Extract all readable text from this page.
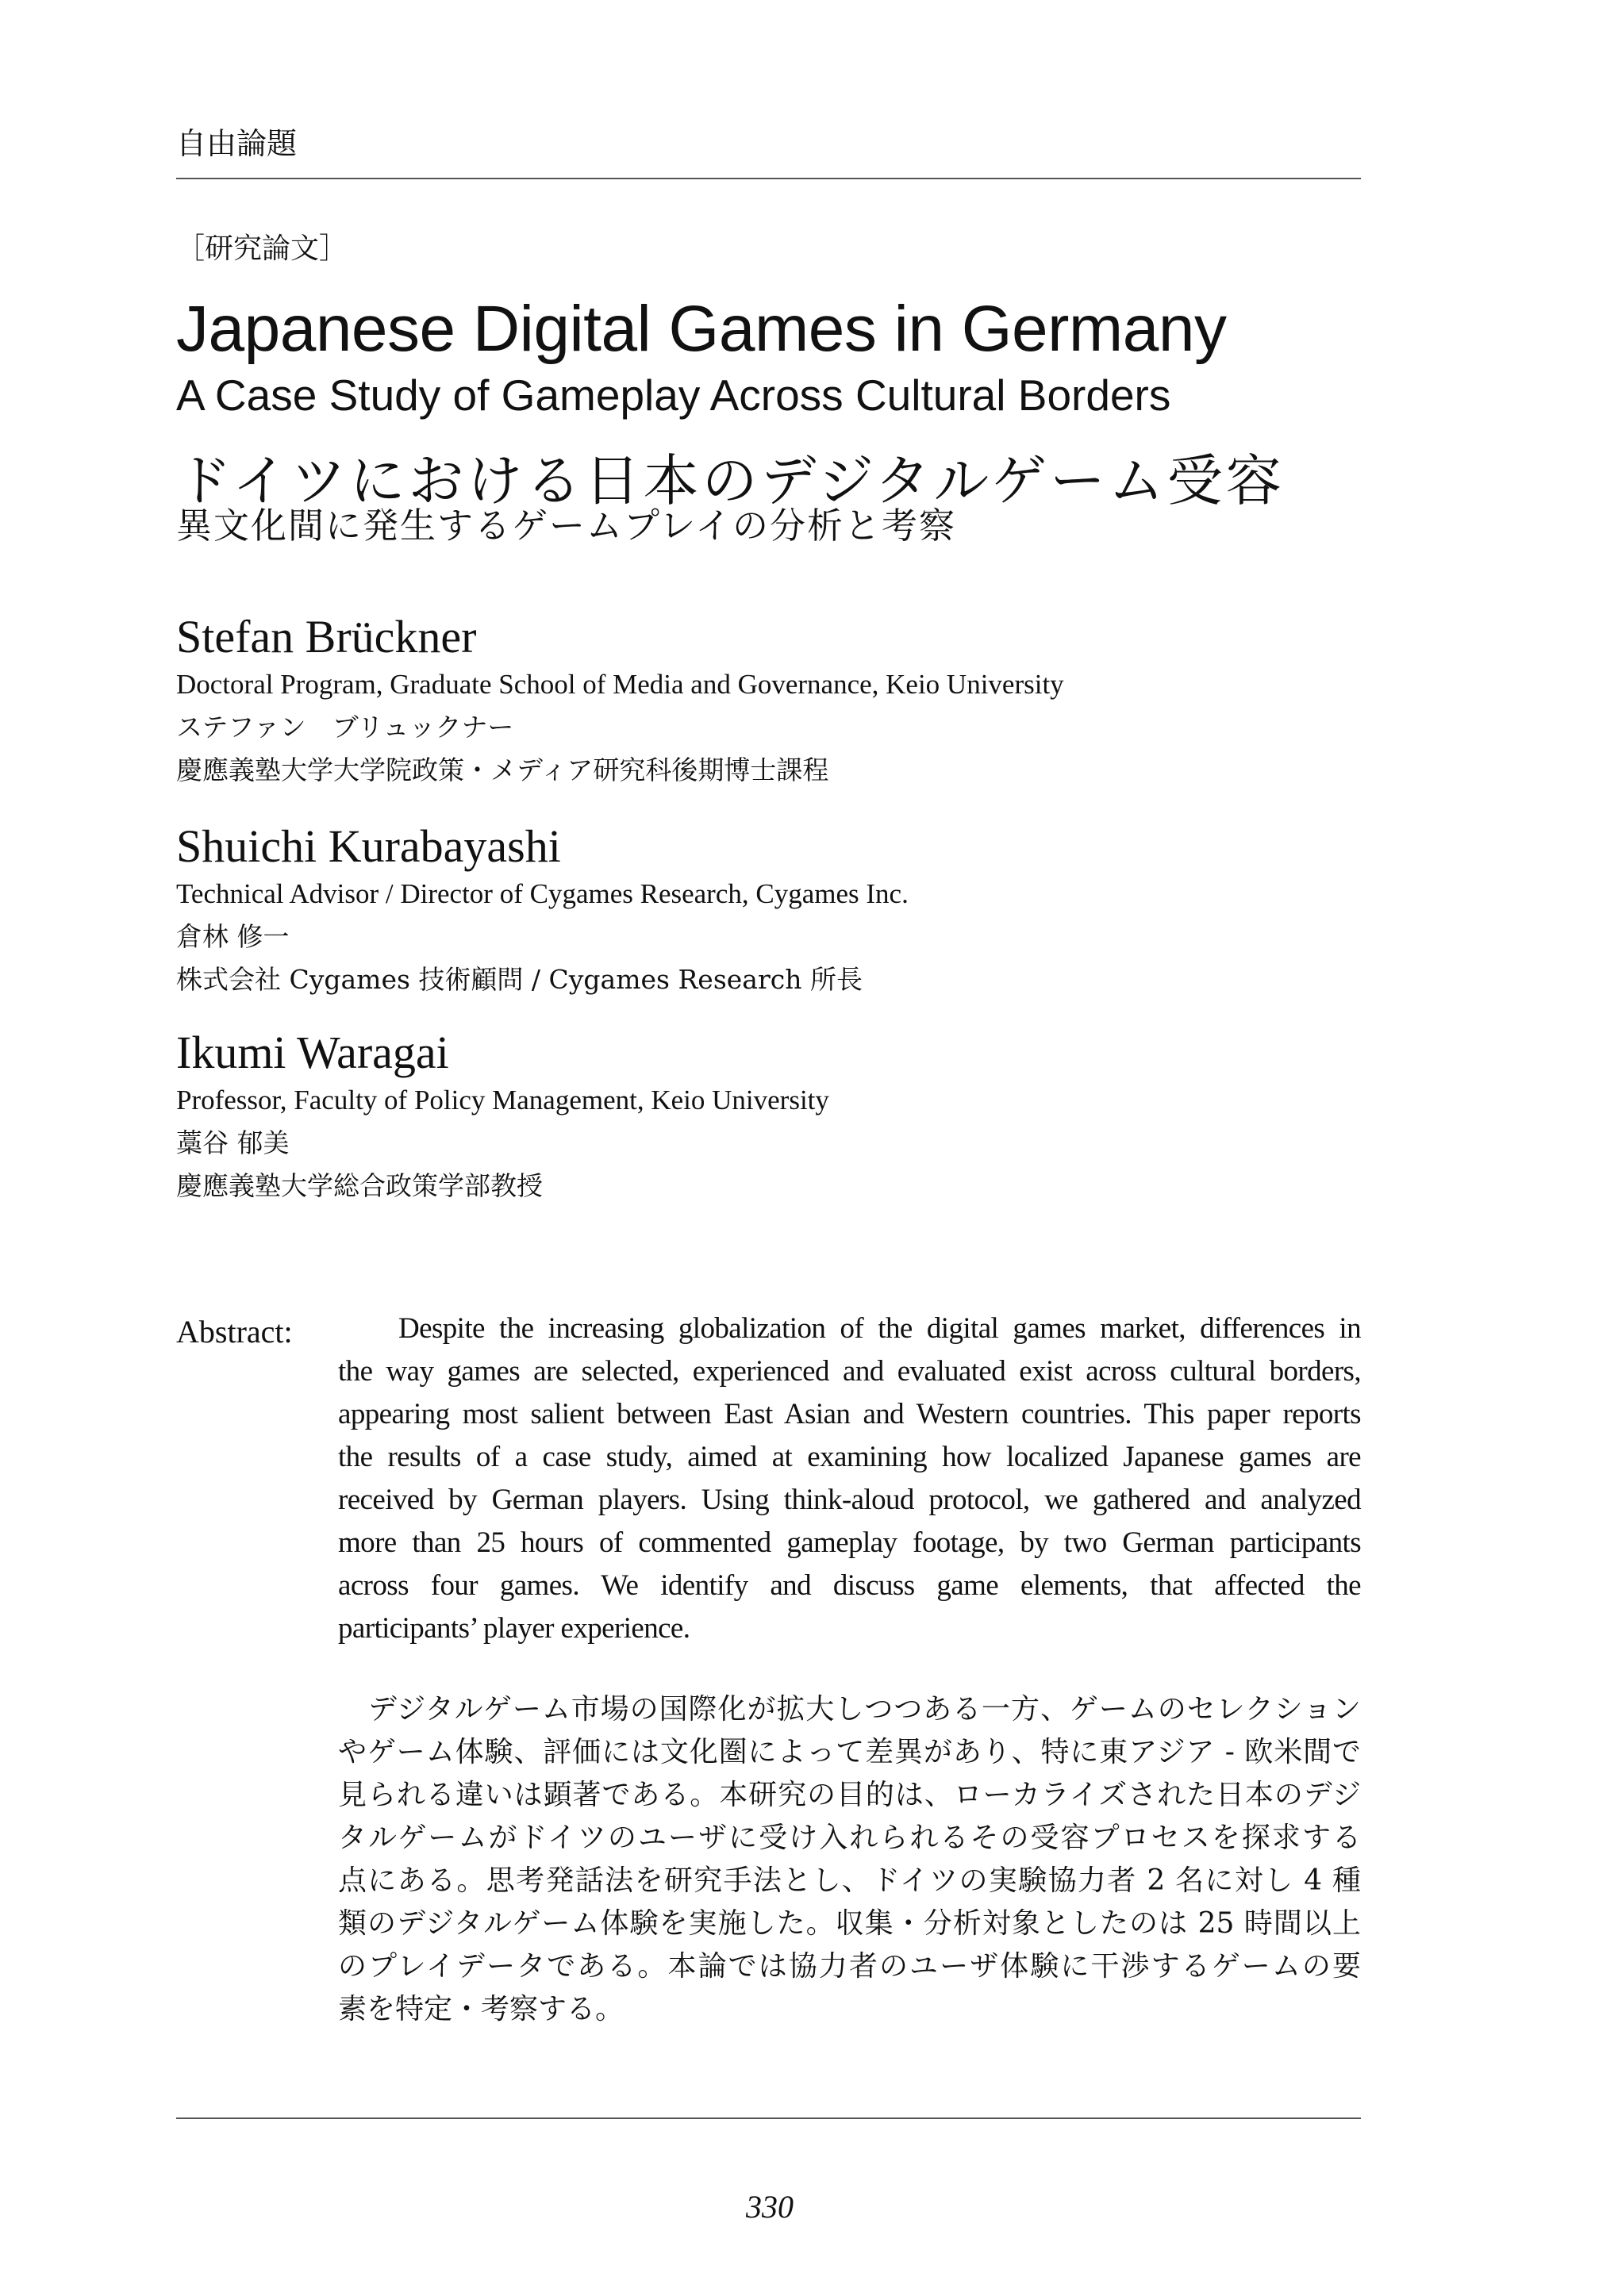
自由論題
［研究論文］
Japanese Digital Games in Germany
A Case Study of Gameplay Across Cultural Borders
ドイツにおける日本のデジタルゲーム受容
異文化間に発生するゲームプレイの分析と考察
Stefan Brückner
Doctoral Program, Graduate School of Media and Governance, Keio University
ステファン　ブリュックナー
慶應義塾大学大学院政策・メディア研究科後期博士課程
Shuichi Kurabayashi
Technical Advisor / Director of Cygames Research, Cygames Inc.
倉林 修一
株式会社 Cygames 技術顧問 / Cygames Research 所長
Ikumi Waragai
Professor, Faculty of Policy Management, Keio University
藁谷 郁美
慶應義塾大学総合政策学部教授
Abstract:	Despite the increasing globalization of the digital games market, differences in
the way games are selected, experienced and evaluated exist across cultural borders,
appearing most salient between East Asian and Western countries. This paper reports
the results of a case study, aimed at examining how localized Japanese games are
received by German players. Using think-aloud protocol, we gathered and analyzed
more than 25 hours of commented gameplay footage, by two German participants
across four games. We identify and discuss game elements, that affected the
participants’ player experience.
デジタルゲーム市場の国際化が拡大しつつある一方、ゲームのセレクション
やゲーム体験、評価には文化圏によって差異があり、特に東アジア - 欧米間で
見られる違いは顕著である。本研究の目的は、ローカライズされた日本のデジ
タルゲームがドイツのユーザに受け入れられるその受容プロセスを探求する
点にある。思考発話法を研究手法とし、ドイツの実験協力者 2 名に対し 4 種
類のデジタルゲーム体験を実施した。収集・分析対象としたのは 25 時間以上
のプレイデータである。本論では協力者のユーザ体験に干渉するゲームの要
素を特定・考察する。
330
